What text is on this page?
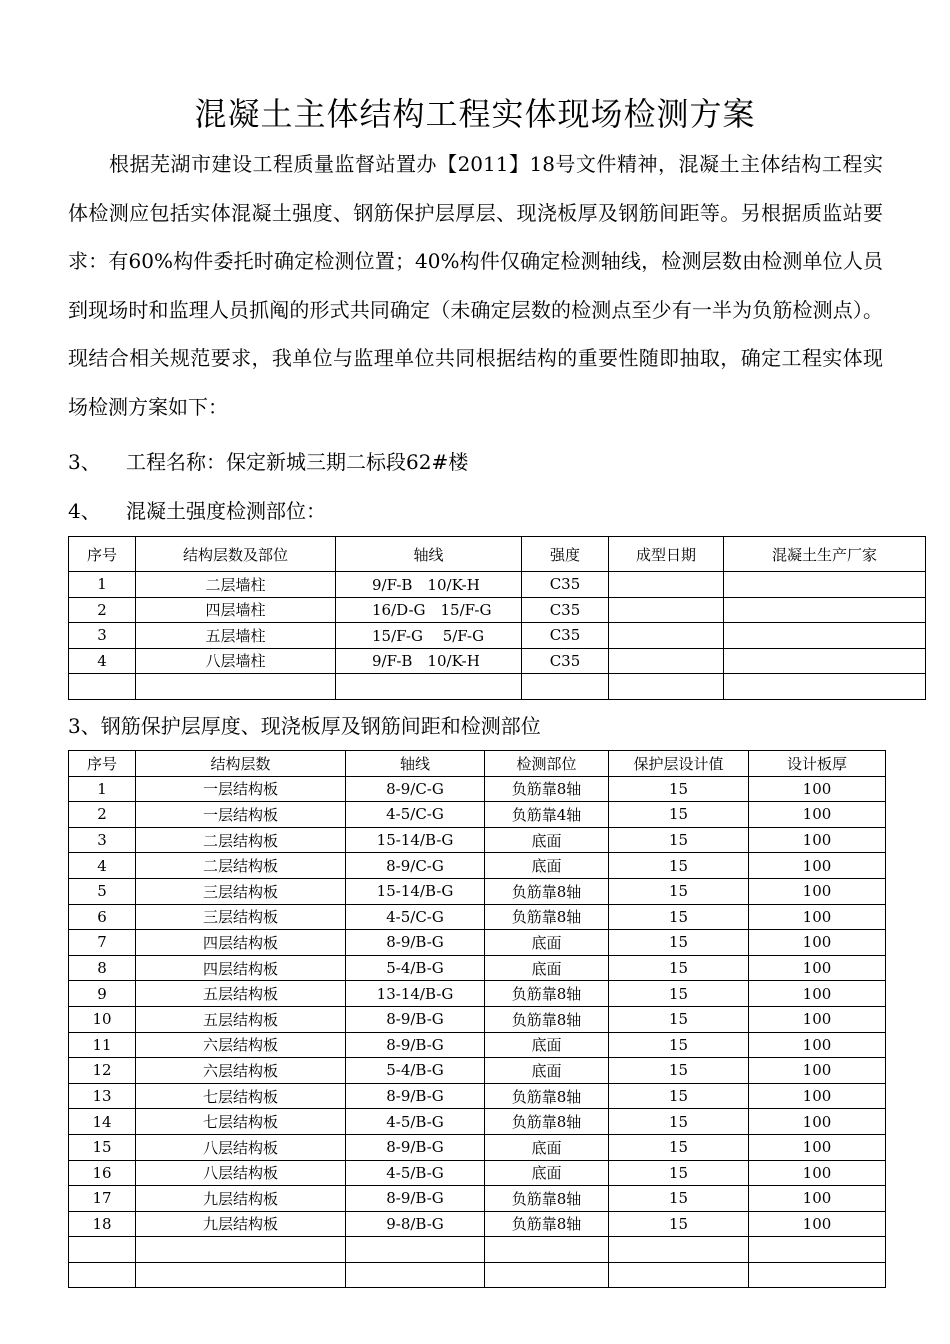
混凝土主体结构工程实体现场检测方案
根据芜湖市建设工程质量监督站置办【2011】18号文件精神，混凝土主体结构工程实体检测应包括实体混凝土强度、钢筋保护层厚层、现浇板厚及钢筋间距等。另根据质监站要求：有60%构件委托时确定检测位置；40%构件仅确定检测轴线，检测层数由检测单位人员到现场时和监理人员抓阄的形式共同确定（未确定层数的检测点至少有一半为负筋检测点）。现结合相关规范要求，我单位与监理单位共同根据结构的重要性随即抽取，确定工程实体现场检测方案如下：
3、 工程名称：保定新城三期二标段62#楼
4、 混凝土强度检测部位：
序号	结构层数及部位	轴线	强度	成型日期	混凝土生产厂家
1	二层墙柱	9/F-B　10/K-H	C35		
2	四层墙柱	16/D-G　15/F-G	C35		
3	五层墙柱	15/F-G　 5/F-G	C35		
4	八层墙柱	9/F-B　10/K-H	C35		

3、钢筋保护层厚度、现浇板厚及钢筋间距和检测部位
序号	结构层数	轴线	检测部位	保护层设计值	设计板厚
1	一层结构板	8-9/C-G	负筋靠8轴	15	100
2	一层结构板	4-5/C-G	负筋靠4轴	15	100
3	二层结构板	15-14/B-G	底面	15	100
4	二层结构板	8-9/C-G	底面	15	100
5	三层结构板	15-14/B-G	负筋靠8轴	15	100
6	三层结构板	4-5/C-G	负筋靠8轴	15	100
7	四层结构板	8-9/B-G	底面	15	100
8	四层结构板	5-4/B-G	底面	15	100
9	五层结构板	13-14/B-G	负筋靠8轴	15	100
10	五层结构板	8-9/B-G	负筋靠8轴	15	100
11	六层结构板	8-9/B-G	底面	15	100
12	六层结构板	5-4/B-G	底面	15	100
13	七层结构板	8-9/B-G	负筋靠8轴	15	100
14	七层结构板	4-5/B-G	负筋靠8轴	15	100
15	八层结构板	8-9/B-G	底面	15	100
16	八层结构板	4-5/B-G	底面	15	100
17	九层结构板	8-9/B-G	负筋靠8轴	15	100
18	九层结构板	9-8/B-G	负筋靠8轴	15	100
